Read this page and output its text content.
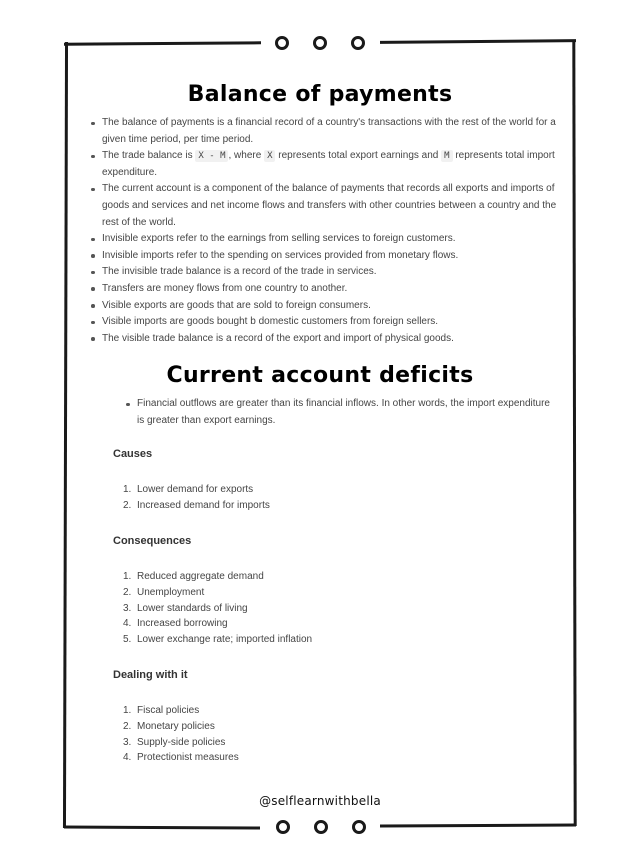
Balance of payments
The balance of payments is a financial record of a country's transactions with the rest of the world for a given time period, per time period.
The trade balance is X - M , where X represents total export earnings and M represents total import expenditure.
The current account is a component of the balance of payments that records all exports and imports of goods and services and net income flows and transfers with other countries between a country and the rest of the world.
Invisible exports refer to the earnings from selling services to foreign customers.
Invisible imports refer to the spending on services provided from monetary flows.
The invisible trade balance is a record of the trade in services.
Transfers are money flows from one country to another.
Visible exports are goods that are sold to foreign consumers.
Visible imports are goods bought b domestic customers from foreign sellers.
The visible trade balance is a record of the export and import of physical goods.
Current account deficits
Financial outflows are greater than its financial inflows. In other words, the import expenditure is greater than export earnings.
Causes
1. Lower demand for exports
2. Increased demand for imports
Consequences
1. Reduced aggregate demand
2. Unemployment
3. Lower standards of living
4. Increased borrowing
5. Lower exchange rate; imported inflation
Dealing with it
1. Fiscal policies
2. Monetary policies
3. Supply-side policies
4. Protectionist measures
@selflearnwithbella
